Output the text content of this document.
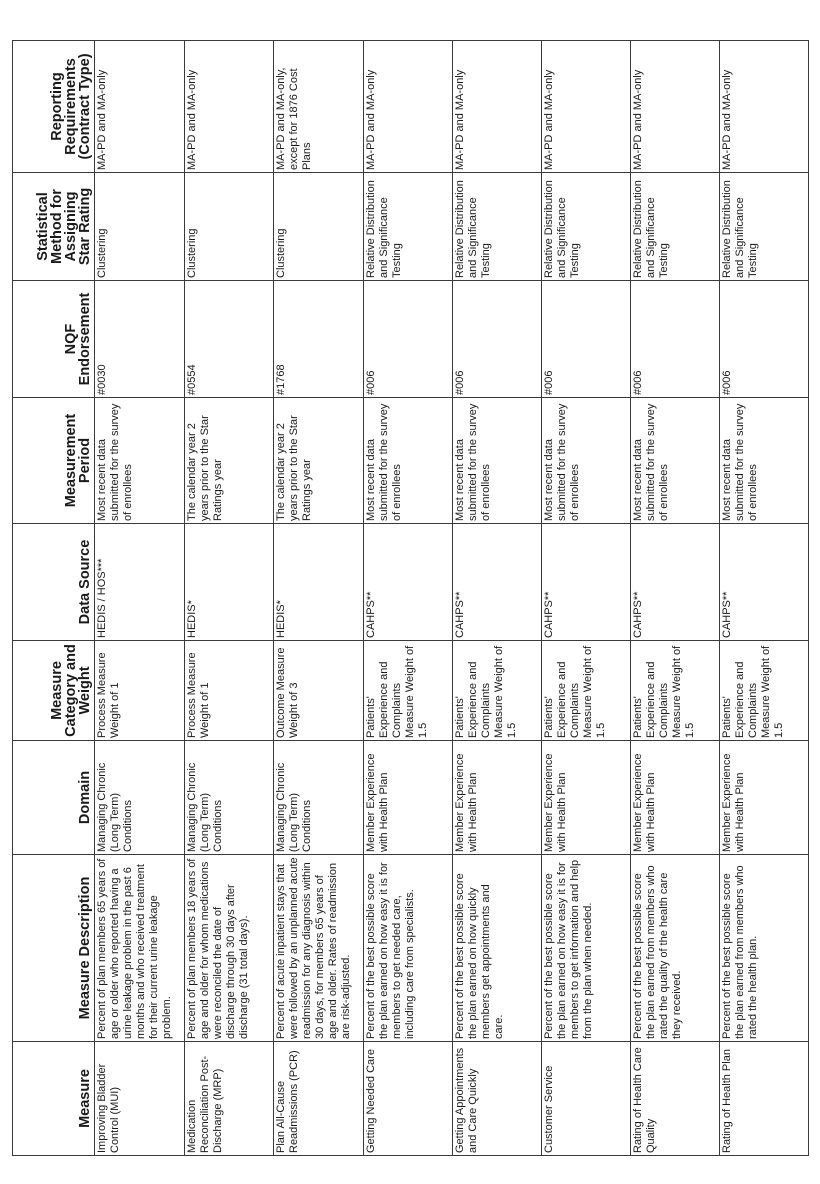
Measure	Measure Description	Domain	Measure Category and Weight	Data Source	Measurement Period	NQF Endorsement	Statistical Method for Assigning Star Rating	Reporting Requirements (Contract Type)
Improving Bladder Control (MUI)	Percent of plan members 65 years of age or older who reported having a urine leakage problem in the past 6 months and who received treatment for their current urine leakage problem.	Managing Chronic (Long Term) Conditions	Process Measure Weight of 1	HEDIS / HOS***	Most recent data submitted for the survey of enrollees	#0030	Clustering	MA-PD and MA-only
Medication Reconciliation Post-Discharge (MRP)	Percent of plan members 18 years of age and older for whom medications were reconciled the date of discharge through 30 days after discharge (31 total days).	Managing Chronic (Long Term) Conditions	Process Measure Weight of 1	HEDIS*	The calendar year 2 years prior to the Star Ratings year	#0554	Clustering	MA-PD and MA-only
Plan All-Cause Readmissions (PCR)	Percent of acute inpatient stays that were followed by an unplanned acute readmission for any diagnosis within 30 days, for members 65 years of age and older. Rates of readmission are risk-adjusted.	Managing Chronic (Long Term) Conditions	Outcome Measure Weight of 3	HEDIS*	The calendar year 2 years prior to the Star Ratings year	#1768	Clustering	MA-PD and MA-only, except for 1876 Cost Plans
Getting Needed Care	Percent of the best possible score the plan earned on how easy it is for members to get needed care, including care from specialists.	Member Experience with Health Plan	Patients' Experience and Complaints Measure Weight of 1.5	CAHPS**	Most recent data submitted for the survey of enrollees	#006	Relative Distribution and Significance Testing	MA-PD and MA-only
Getting Appointments and Care Quickly	Percent of the best possible score the plan earned on how quickly members get appointments and care.	Member Experience with Health Plan	Patients' Experience and Complaints Measure Weight of 1.5	CAHPS**	Most recent data submitted for the survey of enrollees	#006	Relative Distribution and Significance Testing	MA-PD and MA-only
Customer Service	Percent of the best possible score the plan earned on how easy it is for members to get information and help from the plan when needed.	Member Experience with Health Plan	Patients' Experience and Complaints Measure Weight of 1.5	CAHPS**	Most recent data submitted for the survey of enrollees	#006	Relative Distribution and Significance Testing	MA-PD and MA-only
Rating of Health Care Quality	Percent of the best possible score the plan earned from members who rated the quality of the health care they received.	Member Experience with Health Plan	Patients' Experience and Complaints Measure Weight of 1.5	CAHPS**	Most recent data submitted for the survey of enrollees	#006	Relative Distribution and Significance Testing	MA-PD and MA-only
Rating of Health Plan	Percent of the best possible score the plan earned from members who rated the health plan.	Member Experience with Health Plan	Patients' Experience and Complaints Measure Weight of 1.5	CAHPS**	Most recent data submitted for the survey of enrollees	#006	Relative Distribution and Significance Testing	MA-PD and MA-only
